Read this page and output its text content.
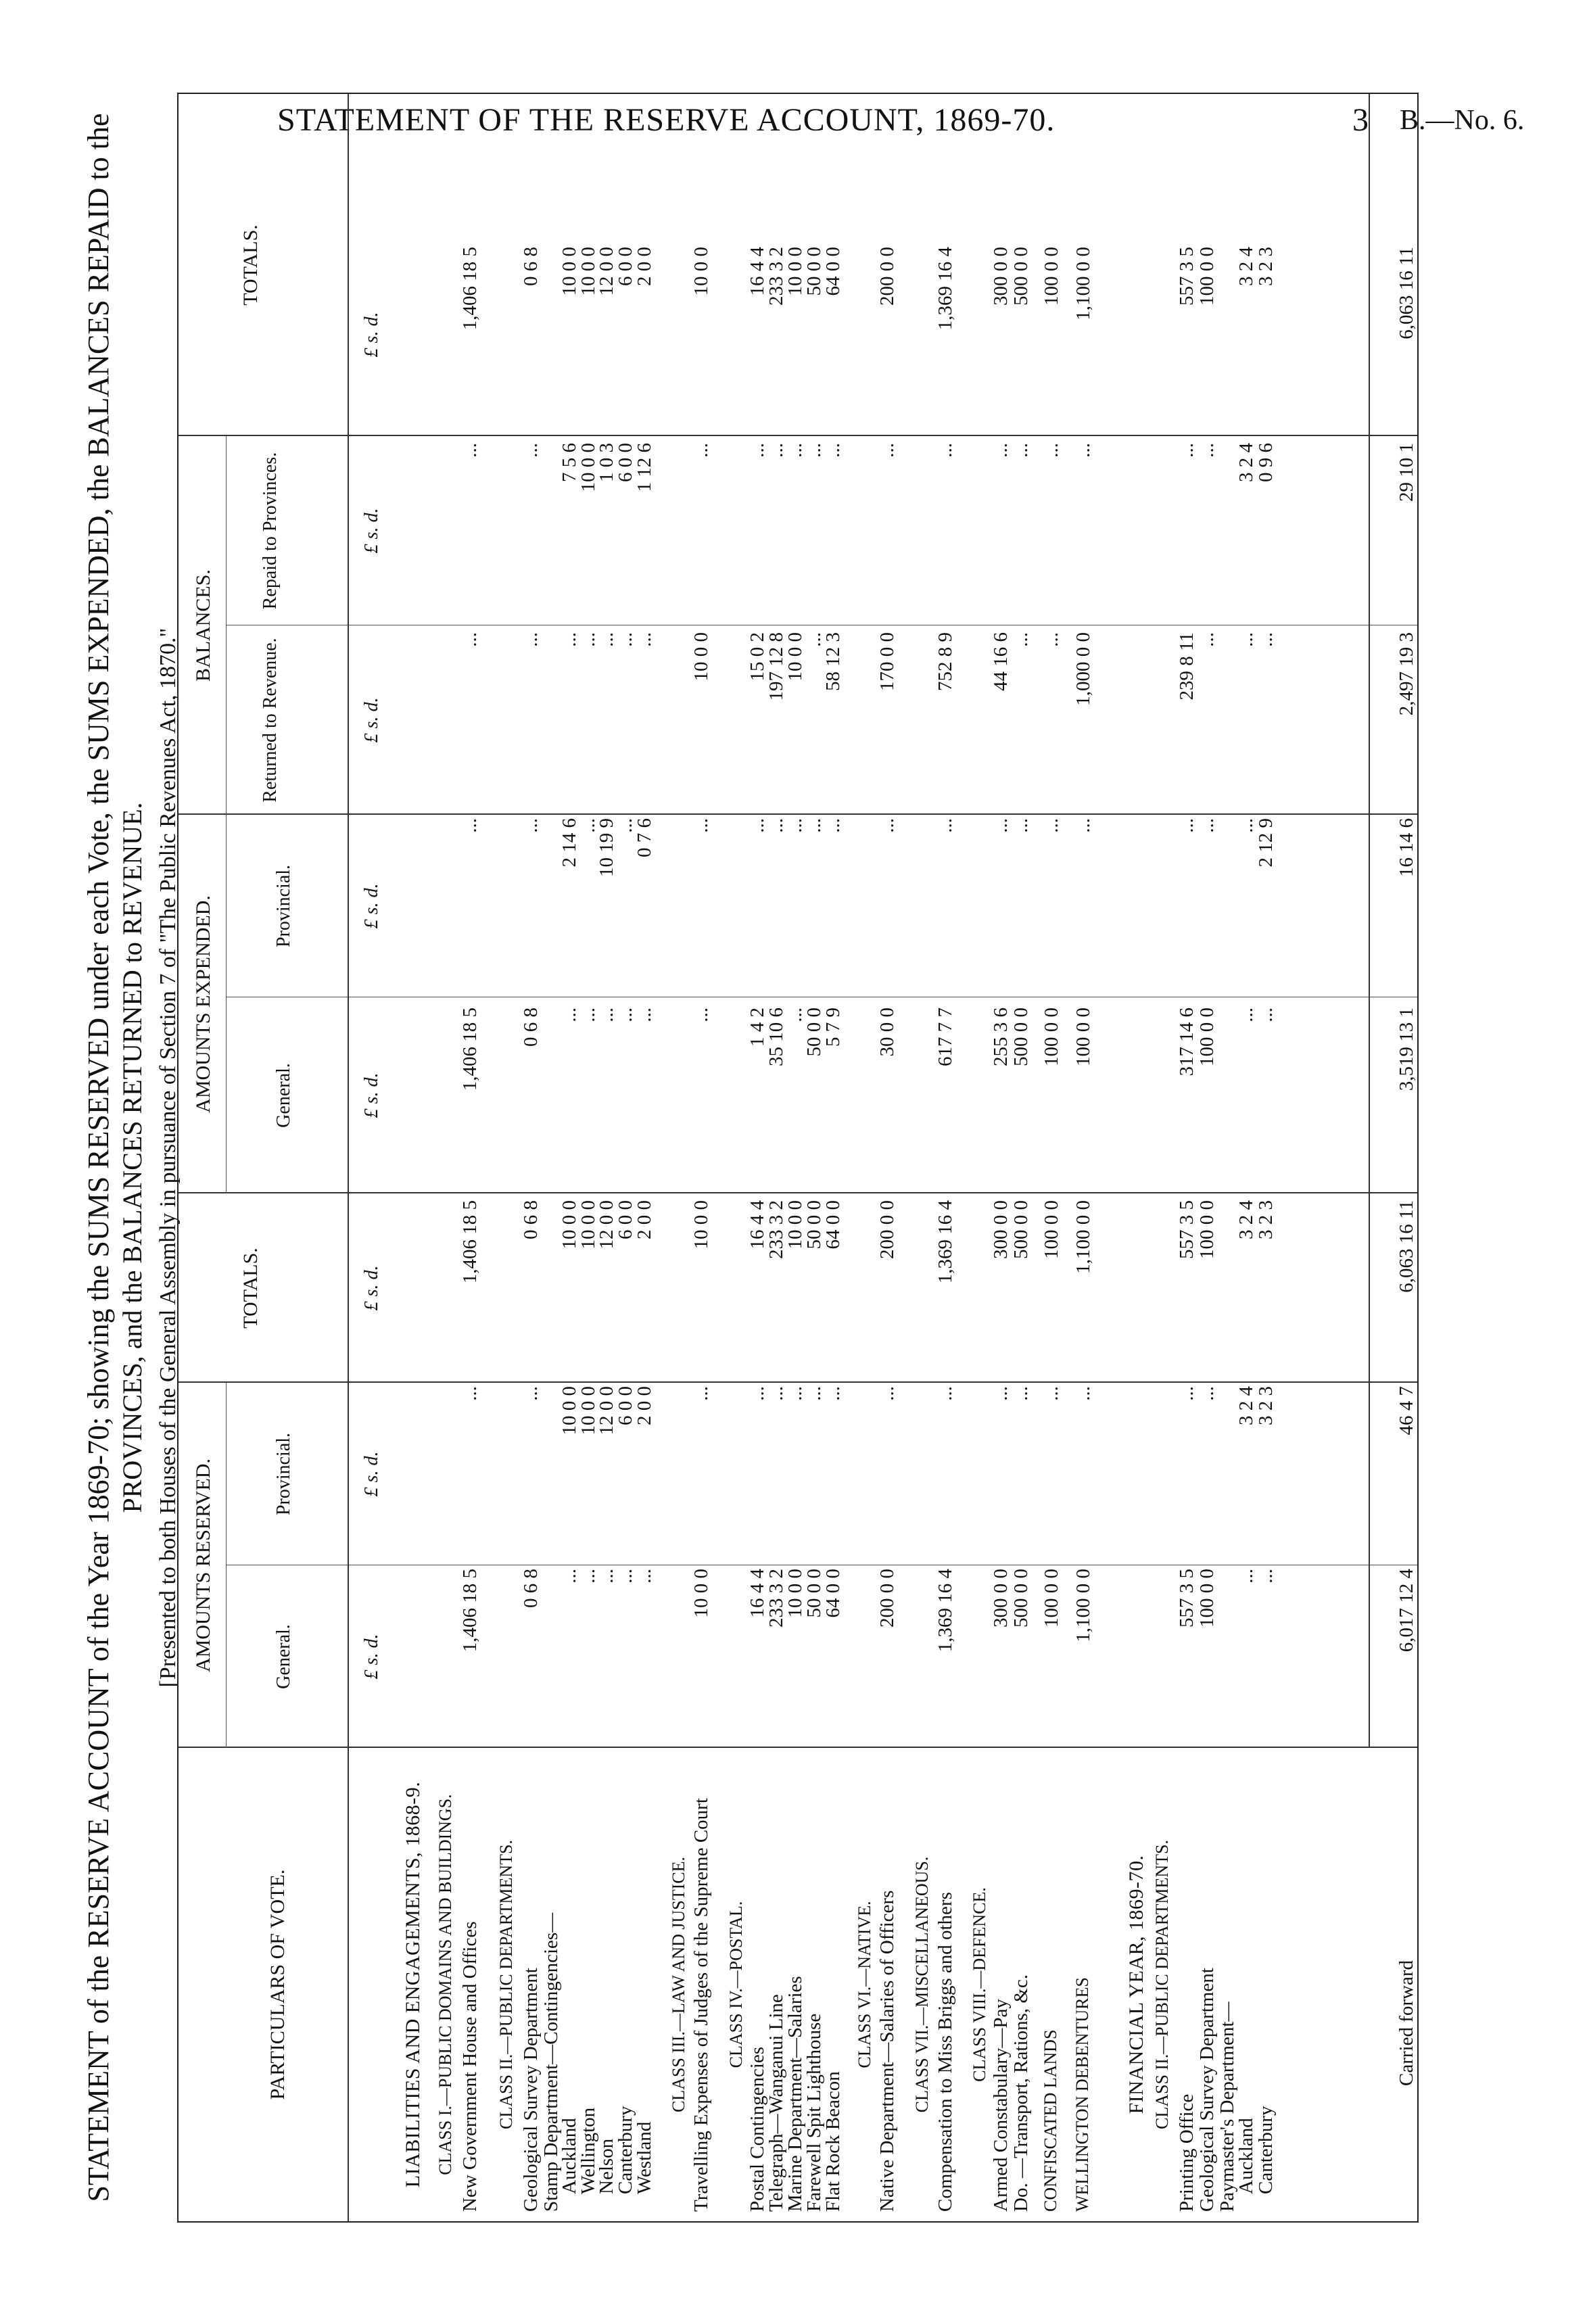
STATEMENT OF THE RESERVE ACCOUNT, 1869-70.	3 B.—No. 6.
STATEMENT of the RESERVE ACCOUNT of the Year 1869-70; showing the SUMS RESERVED under each Vote, the SUMS EXPENDED, the BALANCES REPAID to the PROVINCES, and the BALANCES RETURNED to REVENUE. [Presented to both Houses of the General Assembly in pursuance of Section 7 of "The Public Revenues Act, 1870."
PARTICULARS OF VOTE.
AMOUNTS RESERVED.
AMOUNTS EXPENDED.
BALANCES.
General.
Provincial.
TOTALS.
General.
Provincial.
Returned to Revenue.
Repaid to Provinces.
TOTALS.
£ s. d.
£ s. d.
£ s. d.
£ s. d.
£ s. d.
£ s. d.
£ s. d.
£ s. d.
LIABILITIES AND ENGAGEMENTS, 1868-9. CLASS I.—PUBLIC DOMAINS AND BUILDINGS. New Government House and Offices
1,406 18 5
...
1,406 18 5
1,406 18 5
...
...
...
1,406 18 5
CLASS II.—PUBLIC DEPARTMENTS. Geological Survey Department
0 6 8
...
0 6 8
0 6 8
...
...
...
0 6 8
Stamp Department—Contingencies—
Auckland
...
10 0 0
10 0 0
...
2 14 6
...
7 5 6
10 0 0
Wellington
...
10 0 0
10 0 0
...
...
...
10 0 0
10 0 0
Nelson
...
12 0 0
12 0 0
...
10 19 9
...
1 0 3
12 0 0
Canterbury
...
6 0 0
6 0 0
...
...
...
6 0 0
6 0 0
Westland
...
2 0 0
2 0 0
...
0 7 6
...
1 12 6
2 0 0
CLASS III.—LAW AND JUSTICE. Travelling Expenses of Judges of the Supreme Court
10 0 0
...
10 0 0
...
...
10 0 0
...
10 0 0
CLASS IV.—POSTAL.
Postal Contingencies
16 4 4
...
16 4 4
1 4 2
...
15 0 2
...
16 4 4
Telegraph—Wanganui Line
233 3 2
...
233 3 2
35 10 6
...
197 12 8
...
233 3 2
Marine Department—Salaries
10 0 0
...
10 0 0
...
...
10 0 0
...
10 0 0
Farewell Spit Lighthouse
50 0 0
...
50 0 0
50 0 0
...
...
...
50 0 0
Flat Rock Beacon
64 0 0
...
64 0 0
5 7 9
...
58 12 3
...
64 0 0
CLASS VI.—NATIVE. Native Department—Salaries of Officers
200 0 0
...
200 0 0
30 0 0
...
170 0 0
...
200 0 0
CLASS VII.—MISCELLANEOUS. Compensation to Miss Briggs and others
1,369 16 4
...
1,369 16 4
617 7 7
...
752 8 9
...
1,369 16 4
CLASS VIII.—DEFENCE.
Armed Constabulary—Pay
300 0 0
...
300 0 0
255 3 6
...
44 16 6
...
300 0 0
Do. —Transport, Rations, &c.
500 0 0
...
500 0 0
500 0 0
...
...
...
500 0 0
CONFISCATED LANDS
100 0 0
...
100 0 0
100 0 0
...
...
...
100 0 0
WELLINGTON DEBENTURES
1,100 0 0
...
1,100 0 0
100 0 0
...
1,000 0 0
...
1,100 0 0
FINANCIAL YEAR, 1869-70. CLASS II.—PUBLIC DEPARTMENTS.
Printing Office
557 3 5
...
557 3 5
317 14 6
...
239 8 11
...
557 3 5
Geological Survey Department
100 0 0
...
100 0 0
100 0 0
...
...
...
100 0 0
Paymaster's Department—
Auckland
...
3 2 4
3 2 4
...
...
...
3 2 4
3 2 4
Canterbury
...
3 2 3
3 2 3
...
2 12 9
...
0 9 6
3 2 3
Carried forward
6,017 12 4
46 4 7
6,063 16 11
3,519 13 1
16 14 6
2,497 19 3
29 10 1
6,063 16 11
